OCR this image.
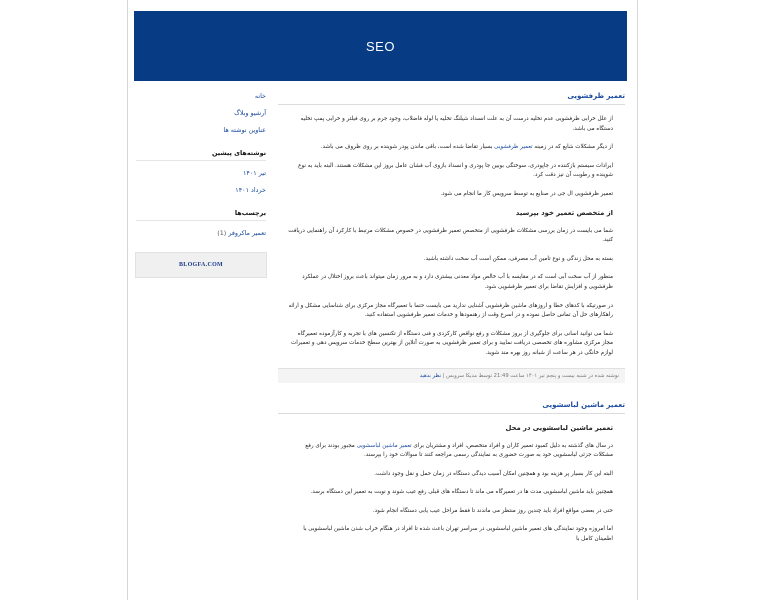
SEO
خانه
آرشیو وبلاگ
عناوین نوشته ها
نوشته‌های پیشین
تیر ۱۴۰۱
خرداد ۱۴۰۱
برچسب‌ها
تعمیر ماکروفر (1)
BLOGFA.COM
تعمیر ظرفشویی

از علل خرابی ظرفشویی عدم تخلیه درست آن به علت انسداد شیلنگ تخلیه یا لوله فاضلاب، وجود جرم بر روی فیلتر و خرابی پمپ تخلیه دستگاه می باشد.

از دیگر مشکلات شایع که در زمینه تعمیر ظرفشویی بسیار تقاضا شده است، باقی ماندن پودر شوینده بر روی ظروف می باشد.

ایرادات سیستم بازکننده در جاپودری، سوختگی بوبین جا پودری و انسداد بازوی آب فشان عامل بروز این مشکلات هستند. البته باید به نوع شوینده و رطوبت آن نیز دقت کرد.

تعمیر ظرفشویی ال جی در صنایع به توسط سرویس کار ما انجام می شود.

از متخصص تعمیر خود بپرسید

شما می بایست در زمان بررسی مشکلات ظرفشویی از متخصص تعمیر ظرفشویی در خصوص مشکلات مرتبط با کارکرد آن راهنمایی دریافت کنید.

بسته به محل زندگی و نوع تامین آب مصرفی، ممکن است آب سخت داشته باشید.

منظور از آب سخت آبی است که در مقایسه با آب خالص مواد معدنی بیشتری دارد و به مرور زمان میتواند باعث بروز اختلال در عملکرد ظرفشویی و افزایش تقاضا برای تعمیر ظرفشویی شود.

در صورتیکه با کدهای خطا و اروزهای ماشین ظرفشویی آشنایی ندارید می بایست حتما با تعمیرگاه مجاز مرکزی برای شناسایی مشکل و ارائه راهکارهای حل آن تماس حاصل نموده و در اسرع وقت از رهنمودها و خدمات تعمیر ظرفشویی استفاده کنید.

شما می توانید اسانی برای جلوگیری از بروز مشکلات و رفع نواقص کارکردی و فنی دستگاه از تکنسین های با تجربه و کارآزموده تعمیرگاه مجاز مرکزی مشاوره های تخصصی دریافت نمایید و برای تعمیر ظرفشویی به صورت آنلاین از بهترین سطح خدمات سرویس دهی و تعمیرات لوازم خانگی در هر ساعت از شبانه روز بهره مند شوید.

نوشته شده در شنبه بیست و پنجم تیر ۱۴۰۱ ساعت 21:49 توسط مدیکا سرویس | نظر بدهید
تعمیر ماشین لباسشویی
تعمیر ماشین لباسشویی در محل

در سال های گذشته به دلیل کمبود تعمیر کاران و افراد متخصص، افراد و مشتریان برای تعمیر ماشین لباسشویی مجبور بودند برای رفع مشکلات جزئی لباسشویی خود به صورت حضوری به نمایندگی رسمی مراجعه کنند تا سوالات خود را بپرسند.

البته این کار بسیار پر هزینه بود و همچنین امکان آسیب دیدگی دستگاه در زمان حمل و نقل وجود داشت.

همچنین باید ماشین لباسشویی مدت ها در تعمیرگاه می ماند تا دستگاه های قبلی رفع عیب شوند و نوبت به تعمیر این دستگاه برسد.

حتی در بعضی مواقع افراد باید چندین روز منتظر می ماندند تا فقط مراحل عیب یابی دستگاه انجام شود.

اما امروزه وجود نمایندگی های تعمیر ماشین لباسشویی در سراسر تهران باعث شده تا افراد در هنگام خراب شدن ماشین لباسشویی با اطمینان کامل با
